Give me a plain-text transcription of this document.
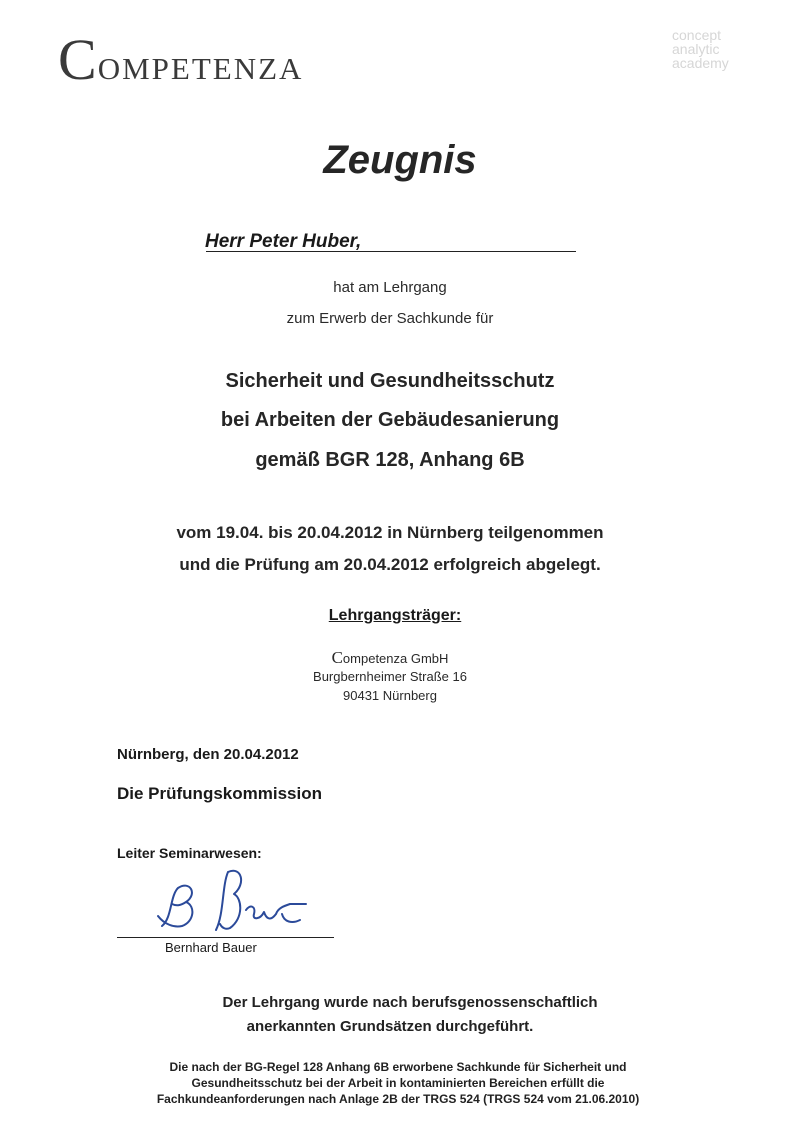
COMPETENZA
concept
analytic
academy
Zeugnis
Herr Peter Huber,
hat am Lehrgang
zum Erwerb der Sachkunde für
Sicherheit und Gesundheitsschutz
bei Arbeiten der Gebäudesanierung
gemäß BGR 128, Anhang 6B
vom 19.04. bis 20.04.2012 in Nürnberg teilgenommen
und die Prüfung am 20.04.2012 erfolgreich abgelegt.
Lehrgangsträger:
Competenza GmbH
Burgbernheimer Straße 16
90431 Nürnberg
Nürnberg, den 20.04.2012
Die Prüfungskommission
Leiter Seminarwesen:
Bernhard Bauer
Der Lehrgang wurde nach berufsgenossenschaftlich
anerkannten Grundsätzen durchgeführt.
Die nach der BG-Regel 128 Anhang 6B erworbene Sachkunde für Sicherheit und
Gesundheitsschutz bei der Arbeit in kontaminierten Bereichen erfüllt die
Fachkundeanforderungen nach Anlage 2B der TRGS 524 (TRGS 524 vom 21.06.2010)
